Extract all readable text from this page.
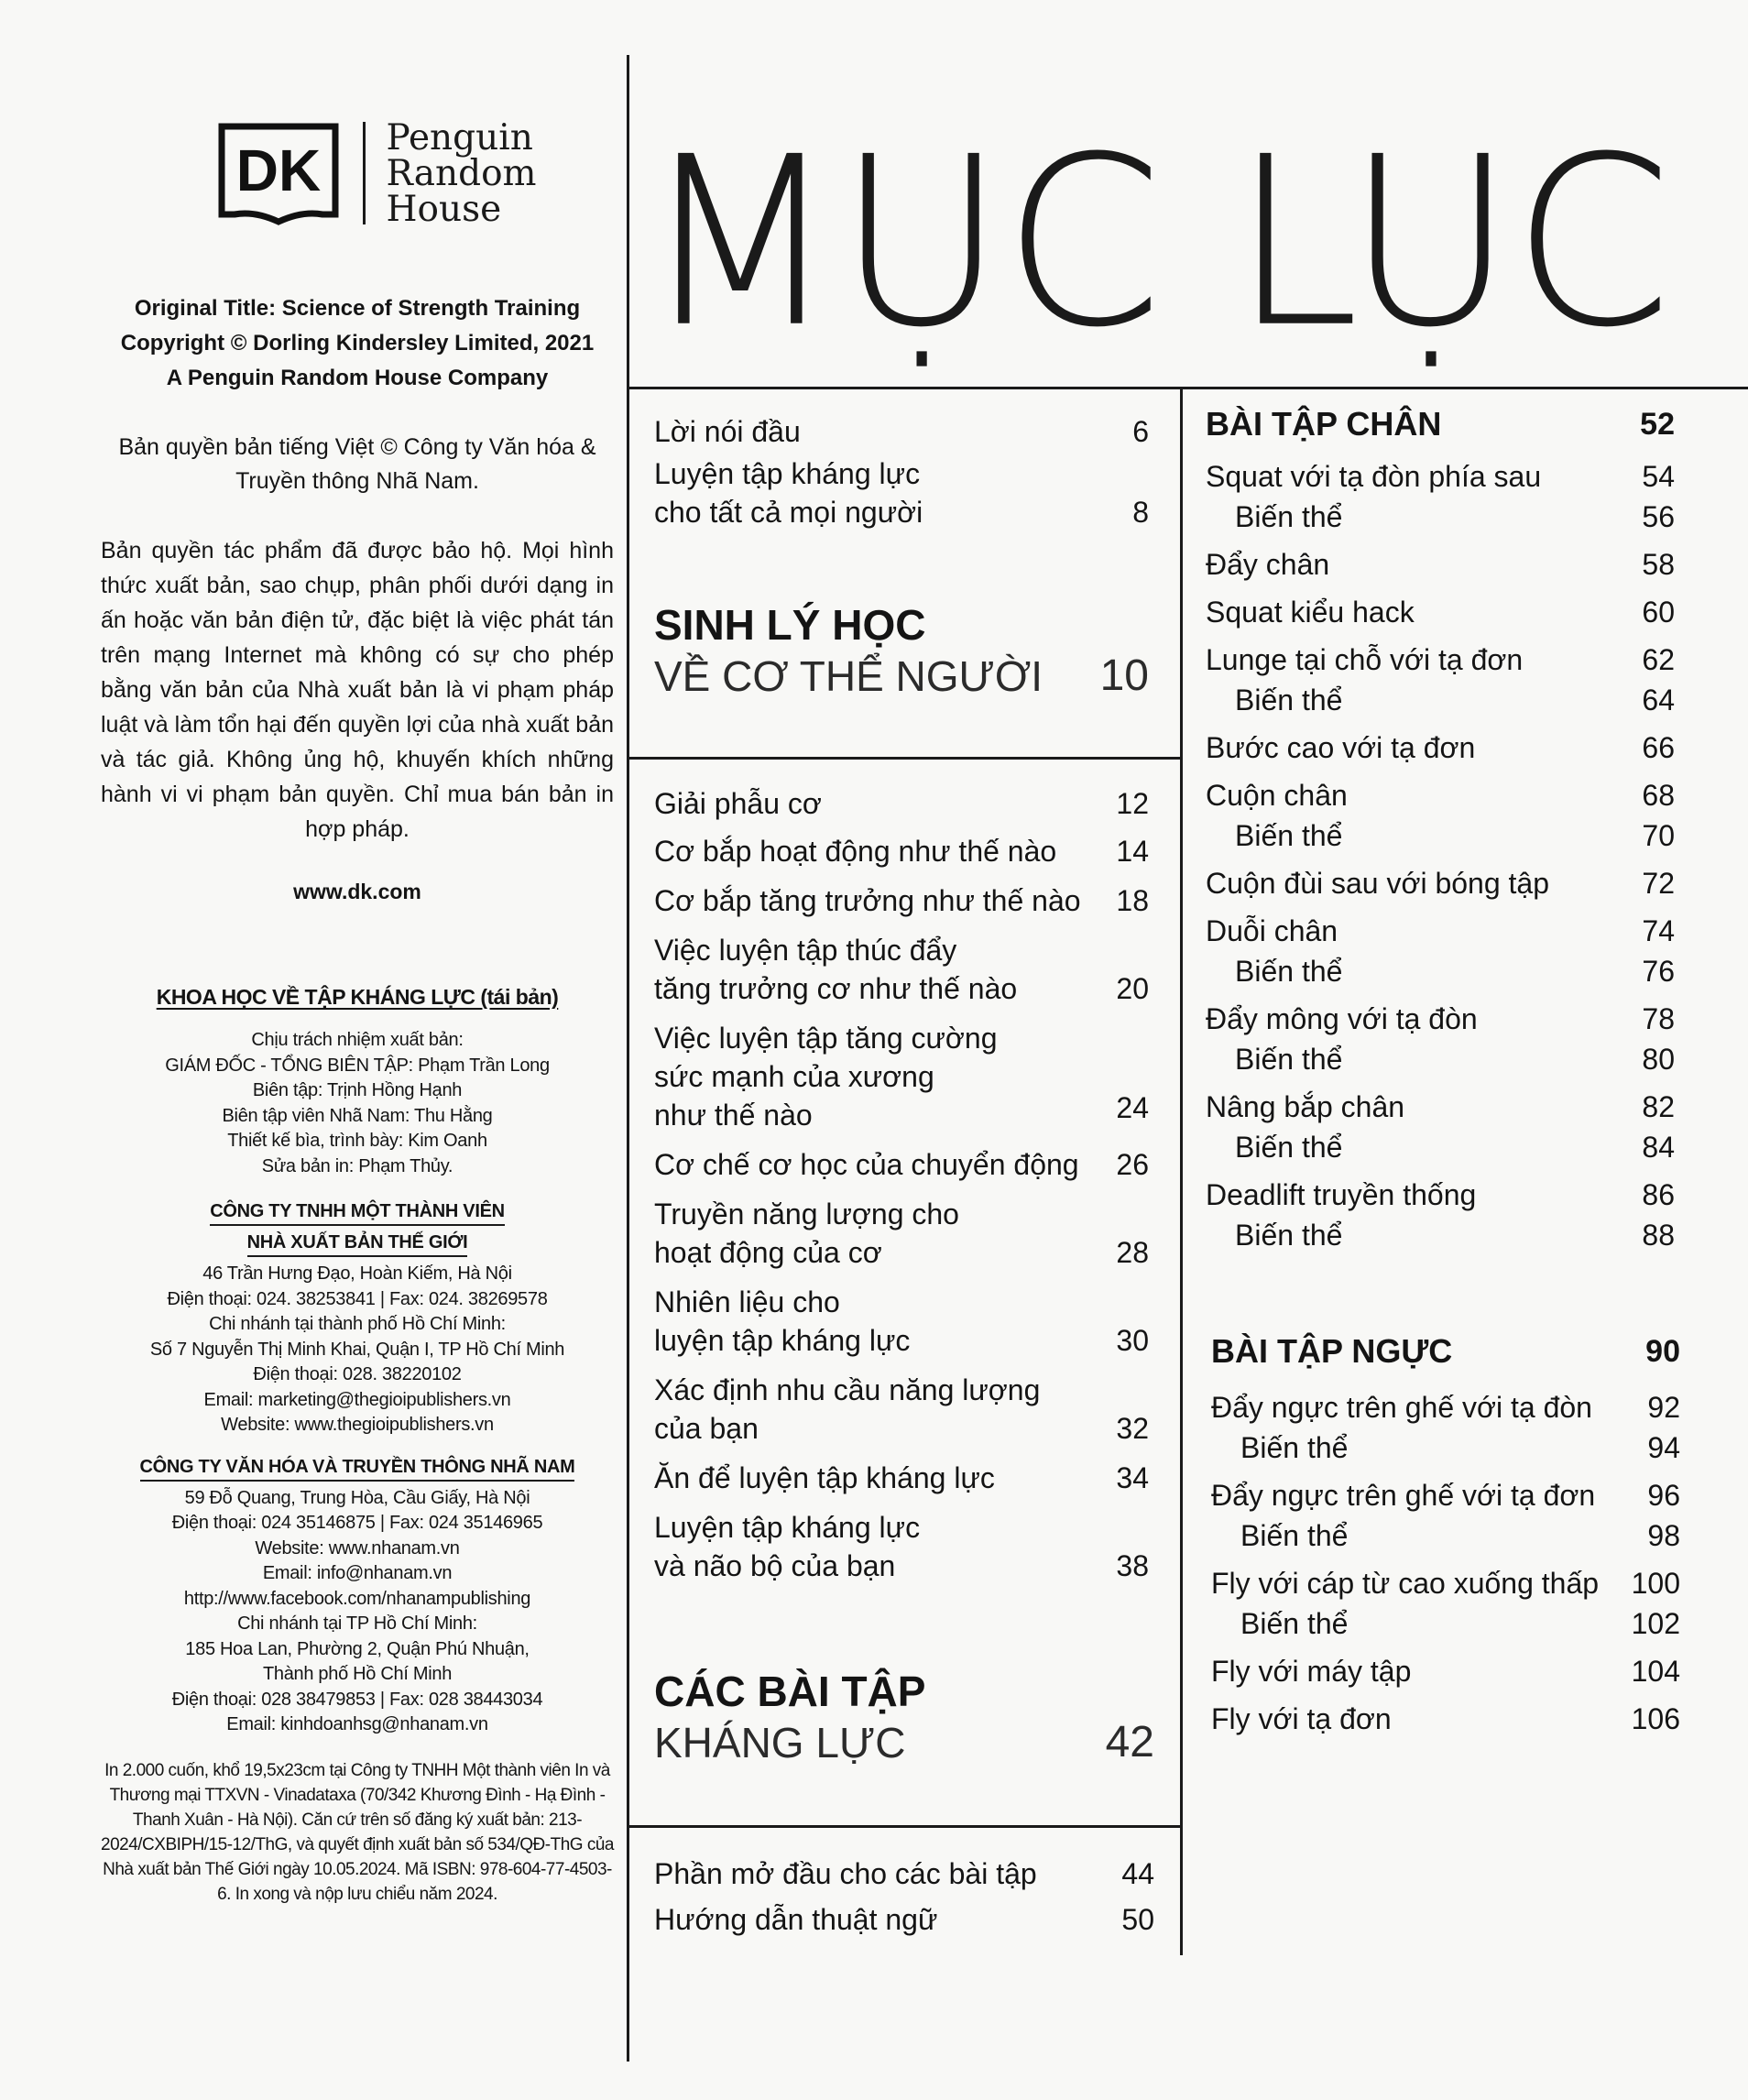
DK Penguin
Random
House
Original Title: Science of Strength Training
Copyright © Dorling Kindersley Limited, 2021
A Penguin Random House Company
Bản quyền bản tiếng Việt © Công ty Văn hóa &
Truyền thông Nhã Nam.
Bản quyền tác phẩm đã được bảo hộ. Mọi hình thức xuất bản, sao chụp, phân phối dưới dạng in ấn hoặc văn bản điện tử, đặc biệt là việc phát tán trên mạng Internet mà không có sự cho phép bằng văn bản của Nhà xuất bản là vi phạm pháp luật và làm tổn hại đến quyền lợi của nhà xuất bản và tác giả. Không ủng hộ, khuyến khích những hành vi vi phạm bản quyền. Chỉ mua bán bản in hợp pháp.
www.dk.com
KHOA HỌC VỀ TẬP KHÁNG LỰC (tái bản)
Chịu trách nhiệm xuất bản:
GIÁM ĐỐC - TỔNG BIÊN TẬP: Phạm Trần Long
Biên tập: Trịnh Hồng Hạnh
Biên tập viên Nhã Nam: Thu Hằng
Thiết kế bìa, trình bày: Kim Oanh
Sửa bản in: Phạm Thủy.
CÔNG TY TNHH MỘT THÀNH VIÊN
NHÀ XUẤT BẢN THẾ GIỚI
46 Trần Hưng Đạo, Hoàn Kiếm, Hà Nội
Điện thoại: 024. 38253841 | Fax: 024. 38269578
Chi nhánh tại thành phố Hồ Chí Minh:
Số 7 Nguyễn Thị Minh Khai, Quận I, TP Hồ Chí Minh
Điện thoại: 028. 38220102
Email: marketing@thegioipublishers.vn
Website: www.thegioipublishers.vn
CÔNG TY VĂN HÓA VÀ TRUYỀN THÔNG NHÃ NAM
59 Đỗ Quang, Trung Hòa, Cầu Giấy, Hà Nội
Điện thoại: 024 35146875 | Fax: 024 35146965
Website: www.nhanam.vn
Email: info@nhanam.vn
http://www.facebook.com/nhanampublishing
Chi nhánh tại TP Hồ Chí Minh:
185 Hoa Lan, Phường 2, Quận Phú Nhuận,
Thành phố Hồ Chí Minh
Điện thoại: 028 38479853 | Fax: 028 38443034
Email: kinhdoanhsg@nhanam.vn
In 2.000 cuốn, khổ 19,5x23cm tại Công ty TNHH Một thành viên In và Thương mại TTXVN - Vinadataxa (70/342 Khương Đình - Hạ Đình - Thanh Xuân - Hà Nội). Căn cứ trên số đăng ký xuất bản: 213-2024/CXBIPH/15-12/ThG, và quyết định xuất bản số 534/QĐ-ThG của Nhà xuất bản Thế Giới ngày 10.05.2024. Mã ISBN: 978-604-77-4503-6. In xong và nộp lưu chiểu năm 2024.
MỤC LỤC
Lời nói đầu	6
Luyện tập kháng lực
cho tất cả mọi người	8
SINH LÝ HỌC
VỀ CƠ THỂ NGƯỜI 10
Giải phẫu cơ	12
Cơ bắp hoạt động như thế nào	14
Cơ bắp tăng trưởng như thế nào	18
Việc luyện tập thúc đẩy
tăng trưởng cơ như thế nào	20
Việc luyện tập tăng cường
sức mạnh của xương
như thế nào	24
Cơ chế cơ học của chuyển động	26
Truyền năng lượng cho
hoạt động của cơ	28
Nhiên liệu cho
luyện tập kháng lực	30
Xác định nhu cầu năng lượng
của bạn	32
Ăn để luyện tập kháng lực	34
Luyện tập kháng lực
và não bộ của bạn	38
CÁC BÀI TẬP
KHÁNG LỰC	42
Phần mở đầu cho các bài tập	44
Hướng dẫn thuật ngữ	50
BÀI TẬP CHÂN	52
Squat với tạ đòn phía sau	54
Biến thể	56
Đẩy chân	58
Squat kiểu hack	60
Lunge tại chỗ với tạ đơn	62
Biến thể	64
Bước cao với tạ đơn	66
Cuộn chân	68
Biến thể	70
Cuộn đùi sau với bóng tập	72
Duỗi chân	74
Biến thể	76
Đẩy mông với tạ đòn	78
Biến thể	80
Nâng bắp chân	82
Biến thể	84
Deadlift truyền thống	86
Biến thể	88
BÀI TẬP NGỰC	90
Đẩy ngực trên ghế với tạ đòn	92
Biến thể	94
Đẩy ngực trên ghế với tạ đơn	96
Biến thể	98
Fly với cáp từ cao xuống thấp	100
Biến thể	102
Fly với máy tập	104
Fly với tạ đơn	106
